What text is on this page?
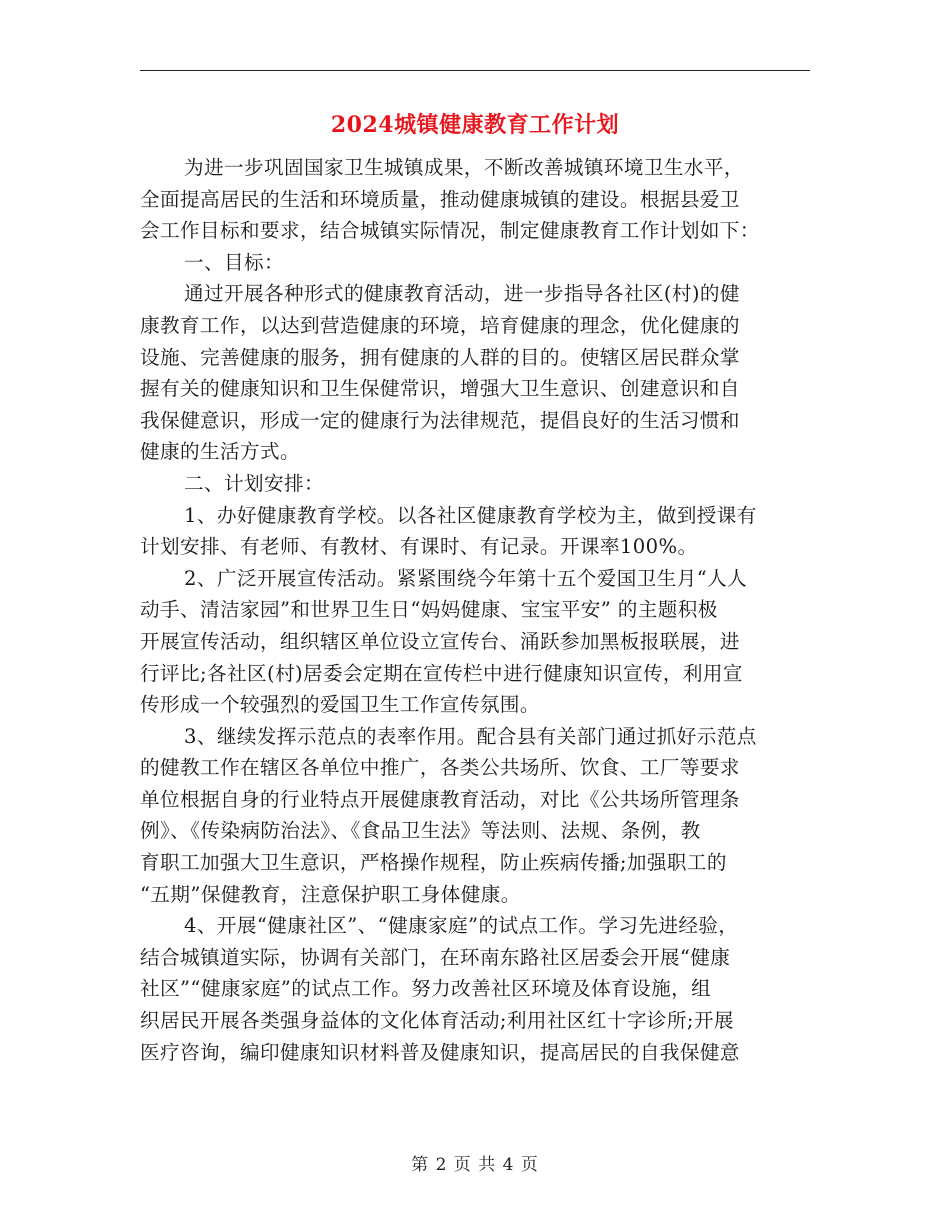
2024城镇健康教育工作计划
为进一步巩固国家卫生城镇成果，不断改善城镇环境卫生水平，
全面提高居民的生活和环境质量，推动健康城镇的建设。根据县爱卫
会工作目标和要求，结合城镇实际情况，制定健康教育工作计划如下：
一、目标：
通过开展各种形式的健康教育活动，进一步指导各社区(村)的健
康教育工作，以达到营造健康的环境，培育健康的理念，优化健康的
设施、完善健康的服务，拥有健康的人群的目的。使辖区居民群众掌
握有关的健康知识和卫生保健常识，增强大卫生意识、创建意识和自
我保健意识，形成一定的健康行为法律规范，提倡良好的生活习惯和
健康的生活方式。
二、计划安排：
1、办好健康教育学校。以各社区健康教育学校为主，做到授课有
计划安排、有老师、有教材、有课时、有记录。开课率100%。
2、广泛开展宣传活动。紧紧围绕今年第十五个爱国卫生月“人人
动手、清洁家园”和世界卫生日“妈妈健康、宝宝平安” 的主题积极
开展宣传活动，组织辖区单位设立宣传台、涌跃参加黑板报联展，进
行评比;各社区(村)居委会定期在宣传栏中进行健康知识宣传，利用宣
传形成一个较强烈的爱国卫生工作宣传氛围。
3、继续发挥示范点的表率作用。配合县有关部门通过抓好示范点
的健教工作在辖区各单位中推广，各类公共场所、饮食、工厂等要求
单位根据自身的行业特点开展健康教育活动，对比《公共场所管理条
例》、《传染病防治法》、《食品卫生法》等法则、法规、条例，教
育职工加强大卫生意识，严格操作规程，防止疾病传播;加强职工的
“五期”保健教育，注意保护职工身体健康。
4、开展“健康社区”、“健康家庭”的试点工作。学习先进经验，
结合城镇道实际，协调有关部门，在环南东路社区居委会开展“健康
社区”“健康家庭”的试点工作。努力改善社区环境及体育设施，组
织居民开展各类强身益体的文化体育活动;利用社区红十字诊所;开展
医疗咨询，编印健康知识材料普及健康知识，提高居民的自我保健意
第 2 页 共 4 页
